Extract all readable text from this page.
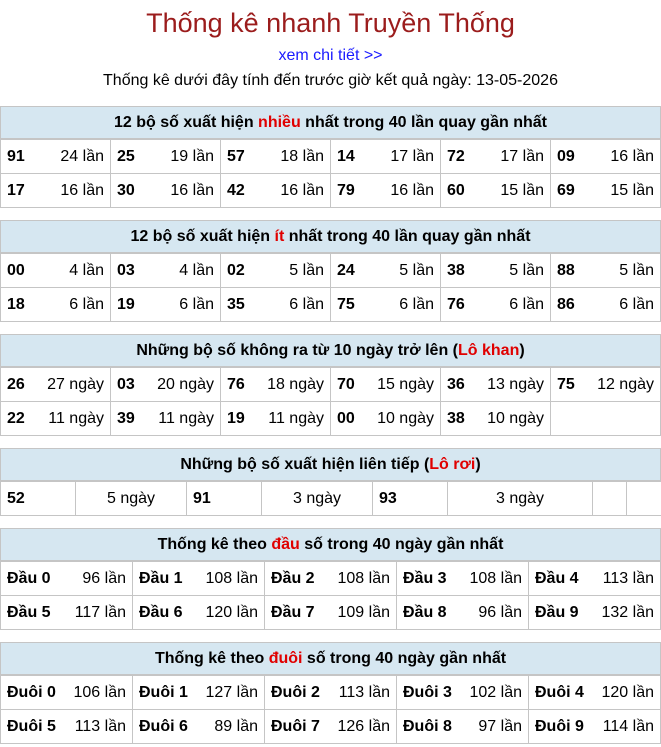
Thống kê nhanh Truyền Thống
xem chi tiết >>
Thống kê dưới đây tính đến trước giờ kết quả ngày: 13-05-2026
12 bộ số xuất hiện nhiều nhất trong 40 lần quay gần nhất
91 24 lần	25 19 lần	57 18 lần	14 17 lần	72 17 lần	09 16 lần

17 16 lần	30 16 lần	42 16 lần	79 16 lần	60 15 lần	69 15 lần
12 bộ số xuất hiện ít nhất trong 40 lần quay gần nhất
00 4 lần	03 4 lần	02 5 lần	24 5 lần	38 5 lần	88 5 lần

18 6 lần	19 6 lần	35 6 lần	75 6 lần	76 6 lần	86 6 lần
Những bộ số không ra từ 10 ngày trở lên (Lô khan)
26 27 ngày	03 20 ngày	76 18 ngày	70 15 ngày	36 13 ngày	75 12 ngày

22 11 ngày	39 11 ngày	19 11 ngày	00 10 ngày	38 10 ngày	

Những bộ số xuất hiện liên tiếp (Lô rơi)
52	5 ngày	91	3 ngày	93	3 ngày		
Thống kê theo đầu số trong 40 ngày gần nhất
Đầu 0 96 lần	Đầu 1 108 lần	Đầu 2 108 lần	Đầu 3 108 lần	Đầu 4 113 lần

Đầu 5 117 lần	Đầu 6 120 lần	Đầu 7 109 lần	Đầu 8 96 lần	Đầu 9 132 lần
Thống kê theo đuôi số trong 40 ngày gần nhất
Đuôi 0 106 lần	Đuôi 1 127 lần	Đuôi 2 113 lần	Đuôi 3 102 lần	Đuôi 4 120 lần

Đuôi 5 113 lần	Đuôi 6 89 lần	Đuôi 7 126 lần	Đuôi 8 97 lần	Đuôi 9 114 lần
